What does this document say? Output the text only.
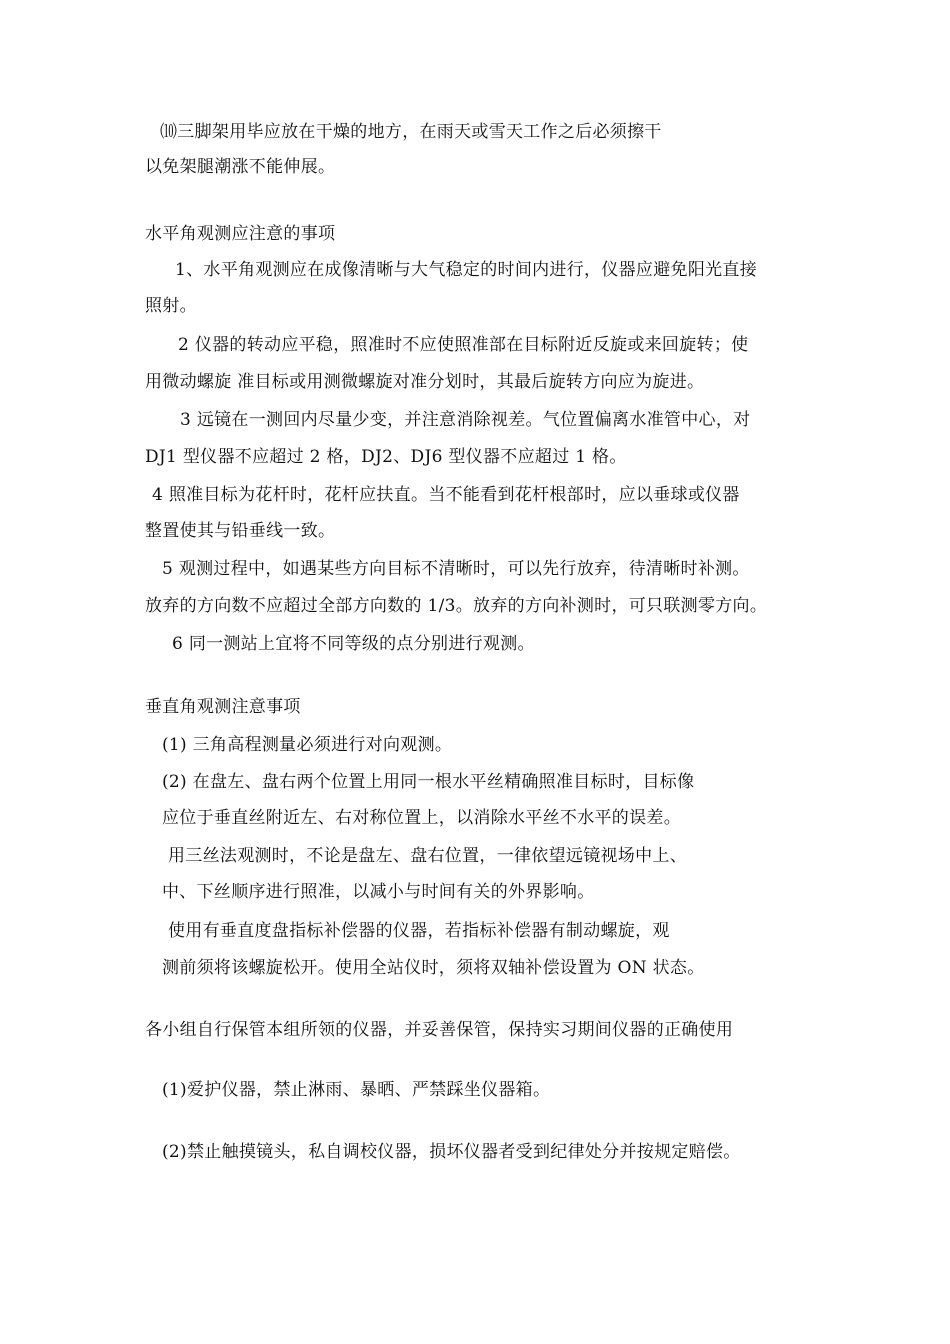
⑽三脚架用毕应放在干燥的地方，在雨天或雪天工作之后必须擦干
以免架腿潮涨不能伸展。
水平角观测应注意的事项
1、水平角观测应在成像清晰与大气稳定的时间内进行，仪器应避免阳光直接
照射。
2 仪器的转动应平稳，照准时不应使照准部在目标附近反旋或来回旋转；使
用微动螺旋 准目标或用测微螺旋对准分划时，其最后旋转方向应为旋进。
3 远镜在一测回内尽量少变，并注意消除视差。气位置偏离水准管中心，对
DJ1 型仪器不应超过 2 格，DJ2、DJ6 型仪器不应超过 1 格。
4 照准目标为花杆时，花杆应扶直。当不能看到花杆根部时，应以垂球或仪器
整置使其与铅垂线一致。
5 观测过程中，如遇某些方向目标不清晰时，可以先行放弃，待清晰时补测。
放弃的方向数不应超过全部方向数的 1/3。放弃的方向补测时，可只联测零方向。
6 同一测站上宜将不同等级的点分别进行观测。
垂直角观测注意事项
(1) 三角高程测量必须进行对向观测。
(2) 在盘左、盘右两个位置上用同一根水平丝精确照准目标时，目标像
应位于垂直丝附近左、右对称位置上，以消除水平丝不水平的误差。
用三丝法观测时，不论是盘左、盘右位置，一律依望远镜视场中上、
中、下丝顺序进行照准，以减小与时间有关的外界影响。
使用有垂直度盘指标补偿器的仪器，若指标补偿器有制动螺旋，观
测前须将该螺旋松开。使用全站仪时，须将双轴补偿设置为 ON 状态。
各小组自行保管本组所领的仪器，并妥善保管，保持实习期间仪器的正确使用
(1)爱护仪器，禁止淋雨、暴晒、严禁踩坐仪器箱。
(2)禁止触摸镜头，私自调校仪器，损坏仪器者受到纪律处分并按规定赔偿。
